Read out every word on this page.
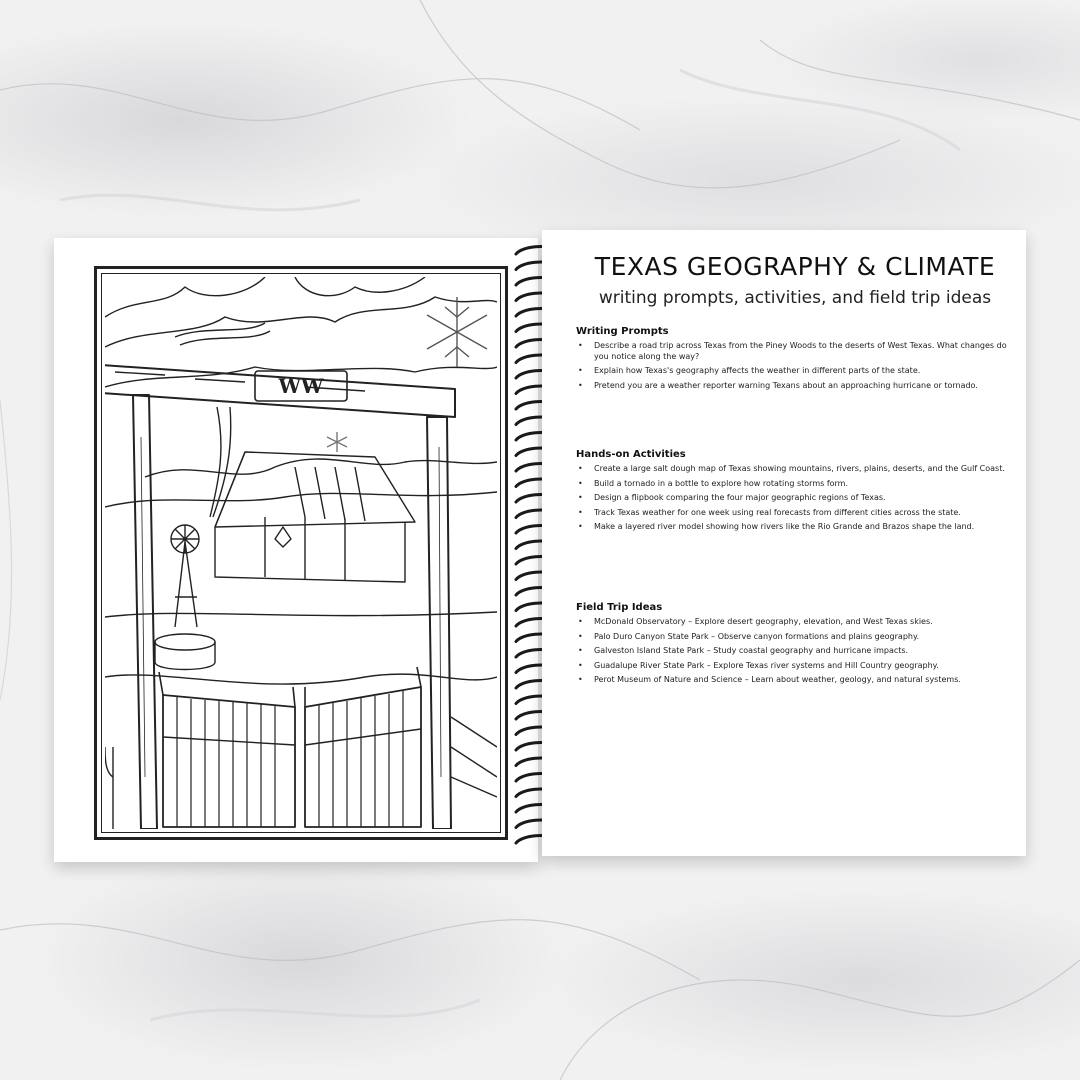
WW
TEXAS GEOGRAPHY & CLIMATE
writing prompts, activities, and field trip ideas
Writing Prompts
• Describe a road trip across Texas from the Piney Woods to the deserts of West Texas. What changes do you notice along the way?
• Explain how Texas's geography affects the weather in different parts of the state.
• Pretend you are a weather reporter warning Texans about an approaching hurricane or tornado.
Hands-on Activities
• Create a large salt dough map of Texas showing mountains, rivers, plains, deserts, and the Gulf Coast.
• Build a tornado in a bottle to explore how rotating storms form.
• Design a flipbook comparing the four major geographic regions of Texas.
• Track Texas weather for one week using real forecasts from different cities across the state.
• Make a layered river model showing how rivers like the Rio Grande and Brazos shape the land.
Field Trip Ideas
• McDonald Observatory – Explore desert geography, elevation, and West Texas skies.
• Palo Duro Canyon State Park – Observe canyon formations and plains geography.
• Galveston Island State Park – Study coastal geography and hurricane impacts.
• Guadalupe River State Park – Explore Texas river systems and Hill Country geography.
• Perot Museum of Nature and Science – Learn about weather, geology, and natural systems.
